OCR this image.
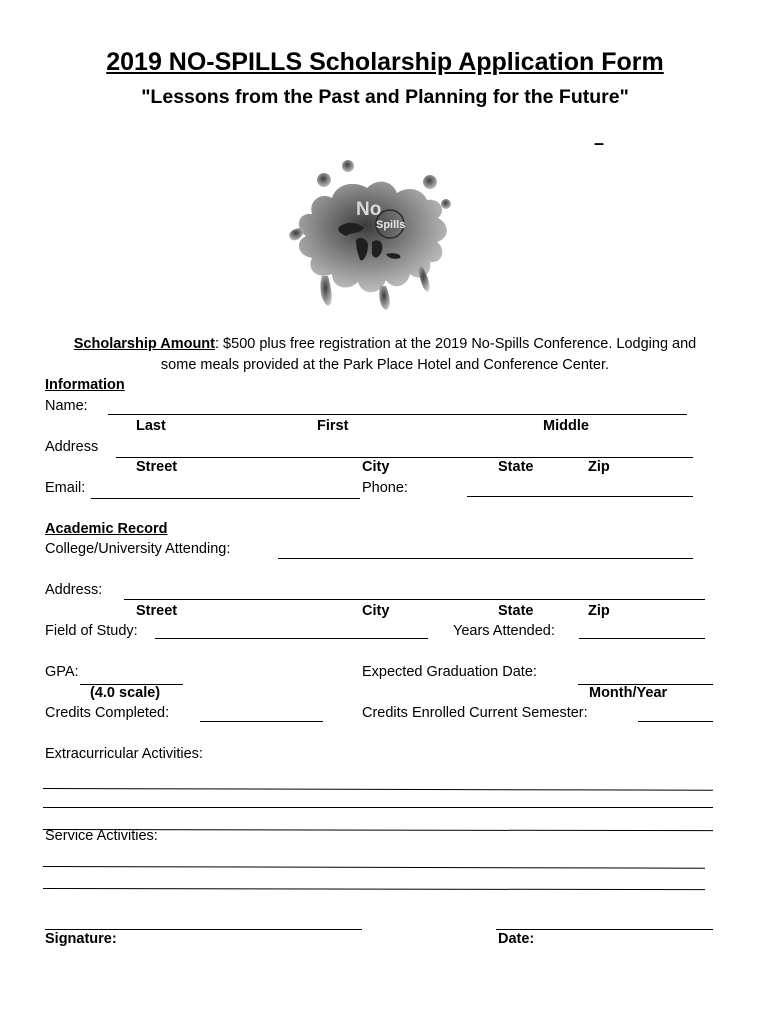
2019 NO-SPILLS Scholarship Application Form
"Lessons from the Past and Planning for the Future"
–
No
Spills
Scholarship Amount: $500 plus free registration at the 2019 No-Spills Conference. Lodging and
some meals provided at the Park Place Hotel and Conference Center.
Information
Name:
Last	First	Middle
Address
Street	City	State	Zip
Email:	Phone:
Academic Record
College/University Attending:
Address:
Street	City	State	Zip
Field of Study:	Years Attended:
GPA:
(4.0 scale)
Expected Graduation Date:
Month/Year
Credits Completed:	Credits Enrolled Current Semester:
Extracurricular Activities:
Service Activities:
Signature:	Date:
